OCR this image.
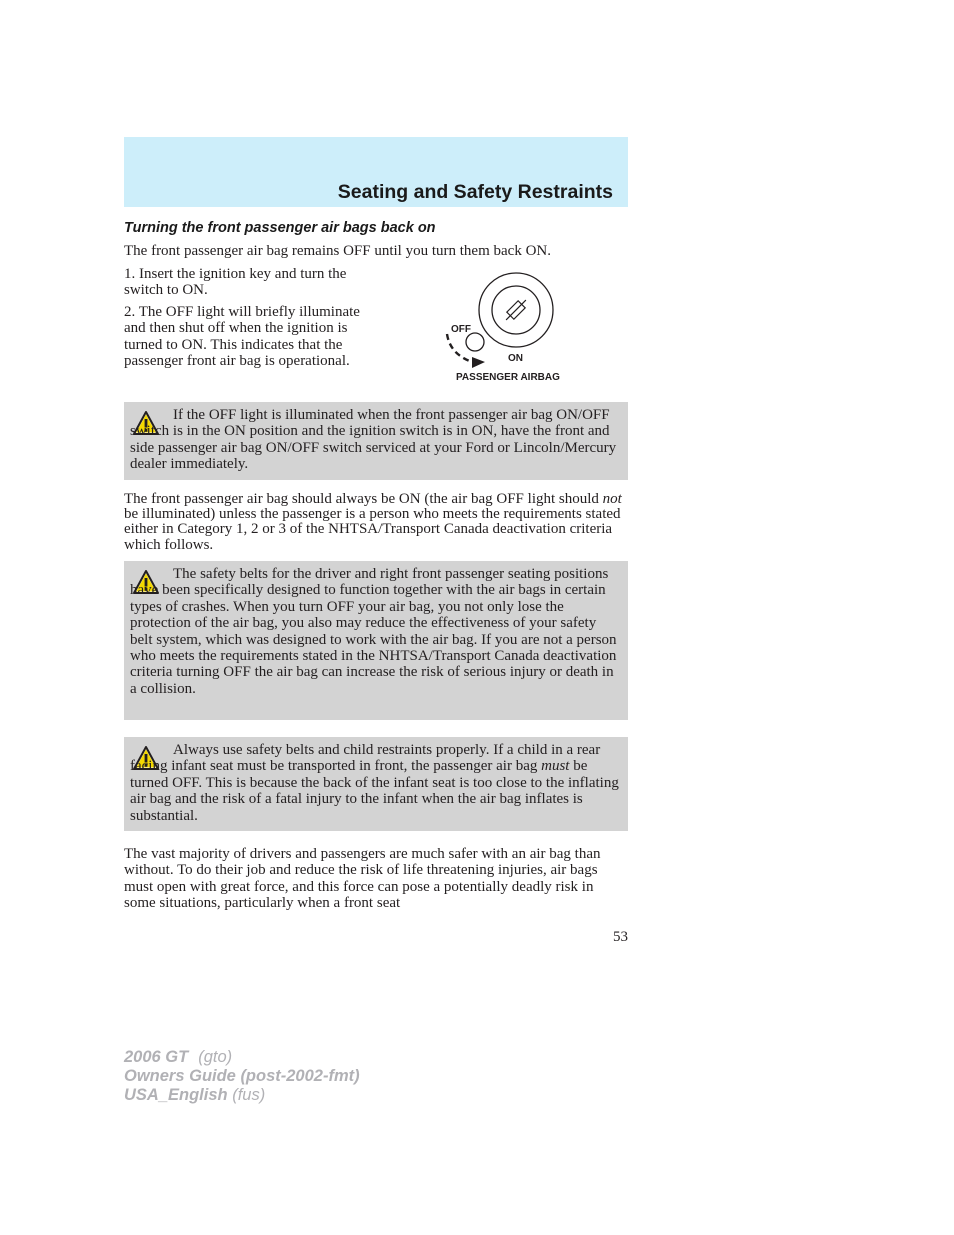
Seating and Safety Restraints
Turning the front passenger air bags back on

The front passenger air bag remains OFF until you turn them back ON.

1. Insert the ignition key and turn the switch to ON.

2. The OFF light will briefly illuminate and then shut off when the ignition is turned to ON. This indicates that the passenger front air bag is operational.

OFF
ON
PASSENGER AIRBAG

If the OFF light is illuminated when the front passenger air bag ON/OFF switch is in the ON position and the ignition switch is in ON, have the front and side passenger air bag ON/OFF switch serviced at your Ford or Lincoln/Mercury dealer immediately.

The front passenger air bag should always be ON (the air bag OFF light should not be illuminated) unless the passenger is a person who meets the requirements stated either in Category 1, 2 or 3 of the NHTSA/Transport Canada deactivation criteria which follows.

The safety belts for the driver and right front passenger seating positions have been specifically designed to function together with the air bags in certain types of crashes. When you turn OFF your air bag, you not only lose the protection of the air bag, you also may reduce the effectiveness of your safety belt system, which was designed to work with the air bag. If you are not a person who meets the requirements stated in the NHTSA/Transport Canada deactivation criteria turning OFF the air bag can increase the risk of serious injury or death in a collision.

Always use safety belts and child restraints properly. If a child in a rear facing infant seat must be transported in front, the passenger air bag must be turned OFF. This is because the back of the infant seat is too close to the inflating air bag and the risk of a fatal injury to the infant when the air bag inflates is substantial.

The vast majority of drivers and passengers are much safer with an air bag than without. To do their job and reduce the risk of life threatening injuries, air bags must open with great force, and this force can pose a potentially deadly risk in some situations, particularly when a front seat

53

2006 GT (gto)
Owners Guide (post-2002-fmt)
USA_English (fus)
